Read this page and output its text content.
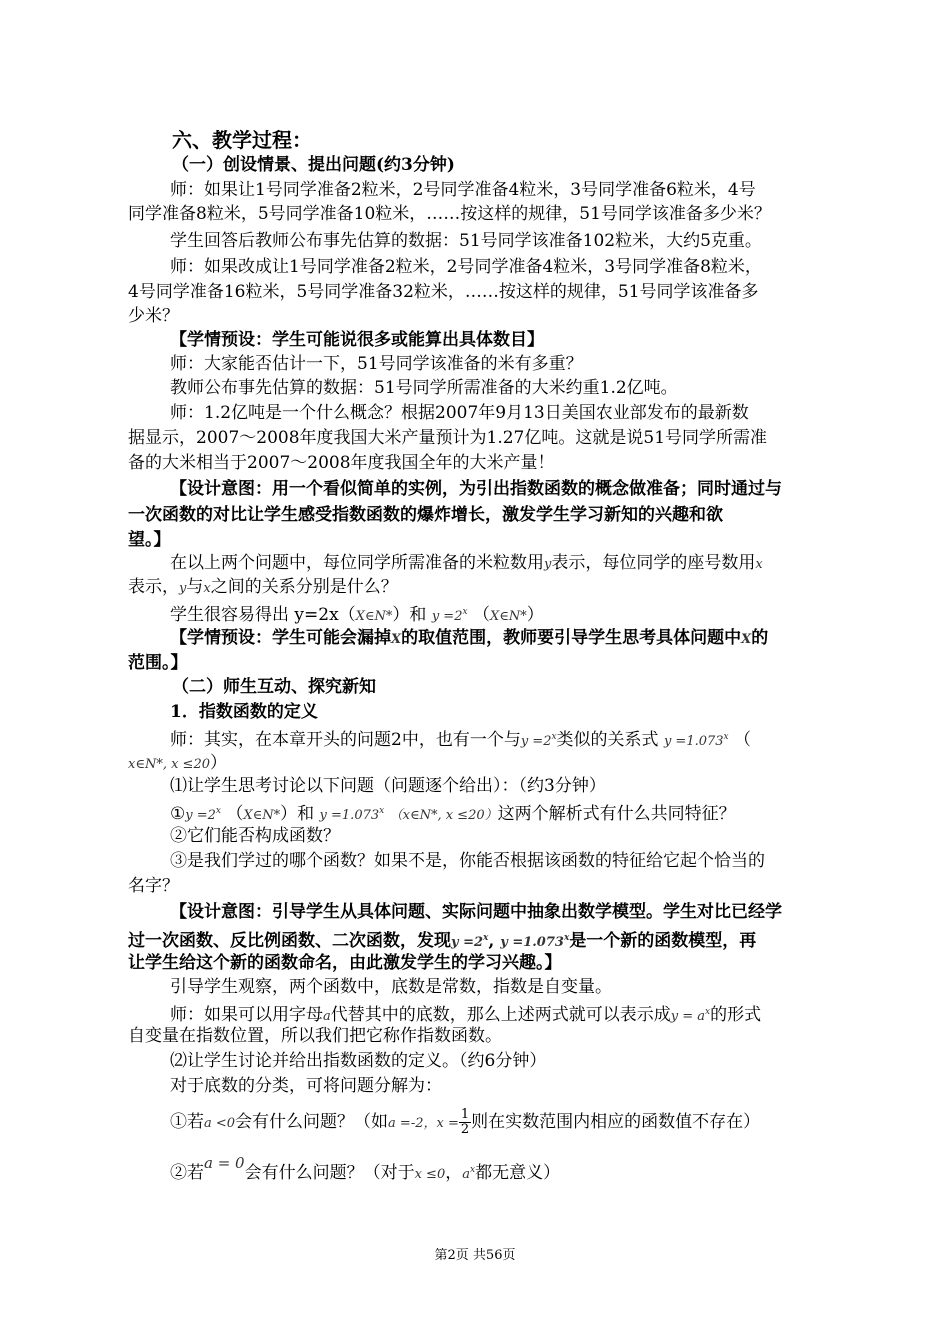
六、教学过程：
（一）创设情景、提出问题(约3分钟)
师：如果让1号同学准备2粒米，2号同学准备4粒米，3号同学准备6粒米，4号
同学准备8粒米，5号同学准备10粒米，……按这样的规律，51号同学该准备多少米？
学生回答后教师公布事先估算的数据：51号同学该准备102粒米，大约5克重。
师：如果改成让1号同学准备2粒米，2号同学准备4粒米，3号同学准备8粒米，
4号同学准备16粒米，5号同学准备32粒米，……按这样的规律，51号同学该准备多
少米？
【学情预设：学生可能说很多或能算出具体数目】
师：大家能否估计一下，51号同学该准备的米有多重？
教师公布事先估算的数据：51号同学所需准备的大米约重1.2亿吨。
师：1.2亿吨是一个什么概念？根据2007年9月13日美国农业部发布的最新数
据显示，2007～2008年度我国大米产量预计为1.27亿吨。这就是说51号同学所需准
备的大米相当于2007～2008年度我国全年的大米产量！
【设计意图：用一个看似简单的实例，为引出指数函数的概念做准备；同时通过与
一次函数的对比让学生感受指数函数的爆炸增长，激发学生学习新知的兴趣和欲
望。】
在以上两个问题中，每位同学所需准备的米粒数用y表示，每位同学的座号数用x
表示，y与x之间的关系分别是什么？
学生很容易得出 y=2x（X∈N*）和 $y =2^x$ （X∈N*）
【学情预设：学生可能会漏掉X的取值范围，教师要引导学生思考具体问题中X的
范围。】
（二）师生互动、探究新知
1．指数函数的定义
师：其实，在本章开头的问题2中，也有一个与$y =2^x$类似的关系式 $y =1.073^x$ （
x∈N*, x ≤20）
⑴让学生思考讨论以下问题（问题逐个给出）：（约3分钟）
①y $=2^x$ （X∈N*）和 $y =1.073^x$ （x∈N*, x ≤20）这两个解析式有什么共同特征？
②它们能否构成函数？
③是我们学过的哪个函数？如果不是，你能否根据该函数的特征给它起个恰当的
名字？
【设计意图：引导学生从具体问题、实际问题中抽象出数学模型。学生对比已经学
过一次函数、反比例函数、二次函数，发现$y =2^x$, $y =1.073^x$是一个新的函数模型，再
让学生给这个新的函数命名，由此激发学生的学习兴趣。】
引导学生观察，两个函数中，底数是常数，指数是自变量。
师：如果可以用字母a代替其中的底数，那么上述两式就可以表示成$y = a^x$的形式
自变量在指数位置，所以我们把它称作指数函数。
⑵让学生讨论并给出指数函数的定义。（约6分钟）
对于底数的分类，可将问题分解为：
①若a <0会有什么问题？（如a =-2，$x = \frac{1}{2}$ 则在实数范围内相应的函数值不存在）
②若a = 0会有什么问题？（对于x ≤0，$a^x$都无意义）
第2页 共56页
